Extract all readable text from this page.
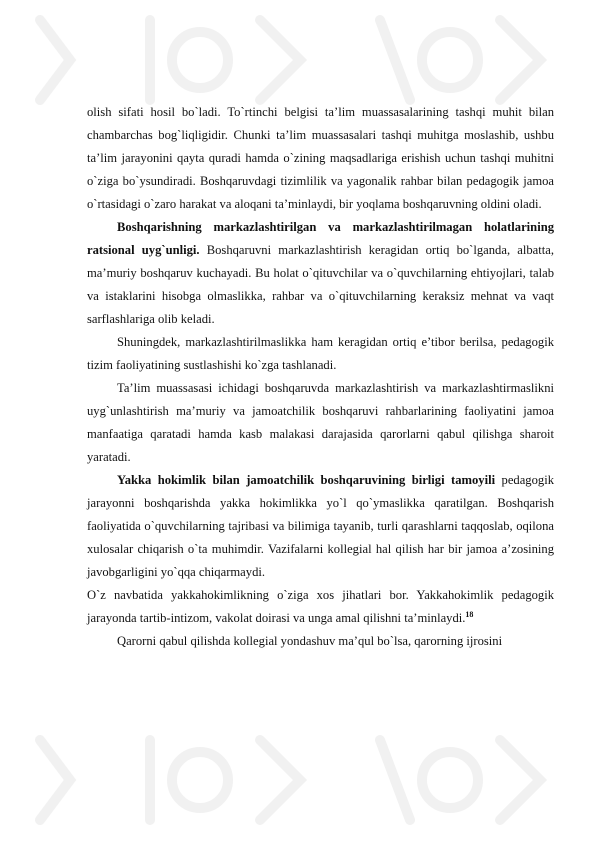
olish sifati hosil bo`ladi. To`rtinchi belgisi ta’lim muassasalarining tashqi muhit bilan chambarchas bog`liqligidir. Chunki ta’lim muassasalari tashqi muhitga moslashib, ushbu ta’lim jarayonini qayta quradi hamda o`zining maqsadlariga erishish uchun tashqi muhitni o`ziga bo`ysundiradi. Boshqaruvdagi tizimlilik va yagonalik rahbar bilan pedagogik jamoa o`rtasidagi o`zaro harakat va aloqani ta’minlaydi, bir yoqlama boshqaruvning oldini oladi.

Boshqarishning markazlashtirilgan va markazlashtirilmagan holatlarining ratsional uyg`unligi. Boshqaruvni markazlashtirish keragidan ortiq bo`lganda, albatta, ma’muriy boshqaruv kuchayadi. Bu holat o`qituvchilar va o`quvchilarning ehtiyojlari, talab va istaklarini hisobga olmaslikka, rahbar va o`qituvchilarning keraksiz mehnat va vaqt sarflashlariga olib keladi.

Shuningdek, markazlashtirilmaslikka ham keragidan ortiq e’tibor berilsa, pedagogik tizim faoliyatining sustlashishi ko`zga tashlanadi.

Ta’lim muassasasi ichidagi boshqaruvda markazlashtirish va markazlashtirmaslikni uyg`unlashtirish ma’muriy va jamoatchilik boshqaruvi rahbarlarining faoliyatini jamoa manfaatiga qaratadi hamda kasb malakasi darajasida qarorlarni qabul qilishga sharoit yaratadi.

Yakka hokimlik bilan jamoatchilik boshqaruvining birligi tamoyili pedagogik jarayonni boshqarishda yakka hokimlikka yo`l qo`ymaslikka qaratilgan. Boshqarish faoliyatida o`quvchilarning tajribasi va bilimiga tayanib, turli qarashlarni taqqoslab, oqilona xulosalar chiqarish o`ta muhimdir. Vazifalarni kollegial hal qilish har bir jamoa a’zosining javobgarligini yo`qqa chiqarmaydi.

O`z navbatida yakkahokimlikning o`ziga xos jihatlari bor. Yakkahokimlik pedagogik jarayonda tartib-intizom, vakolat doirasi va unga amal qilishni ta’minlaydi.$^{18}$

Qarorni qabul qilishda kollegial yondashuv ma’qul bo`lsa, qarorning ijrosini
